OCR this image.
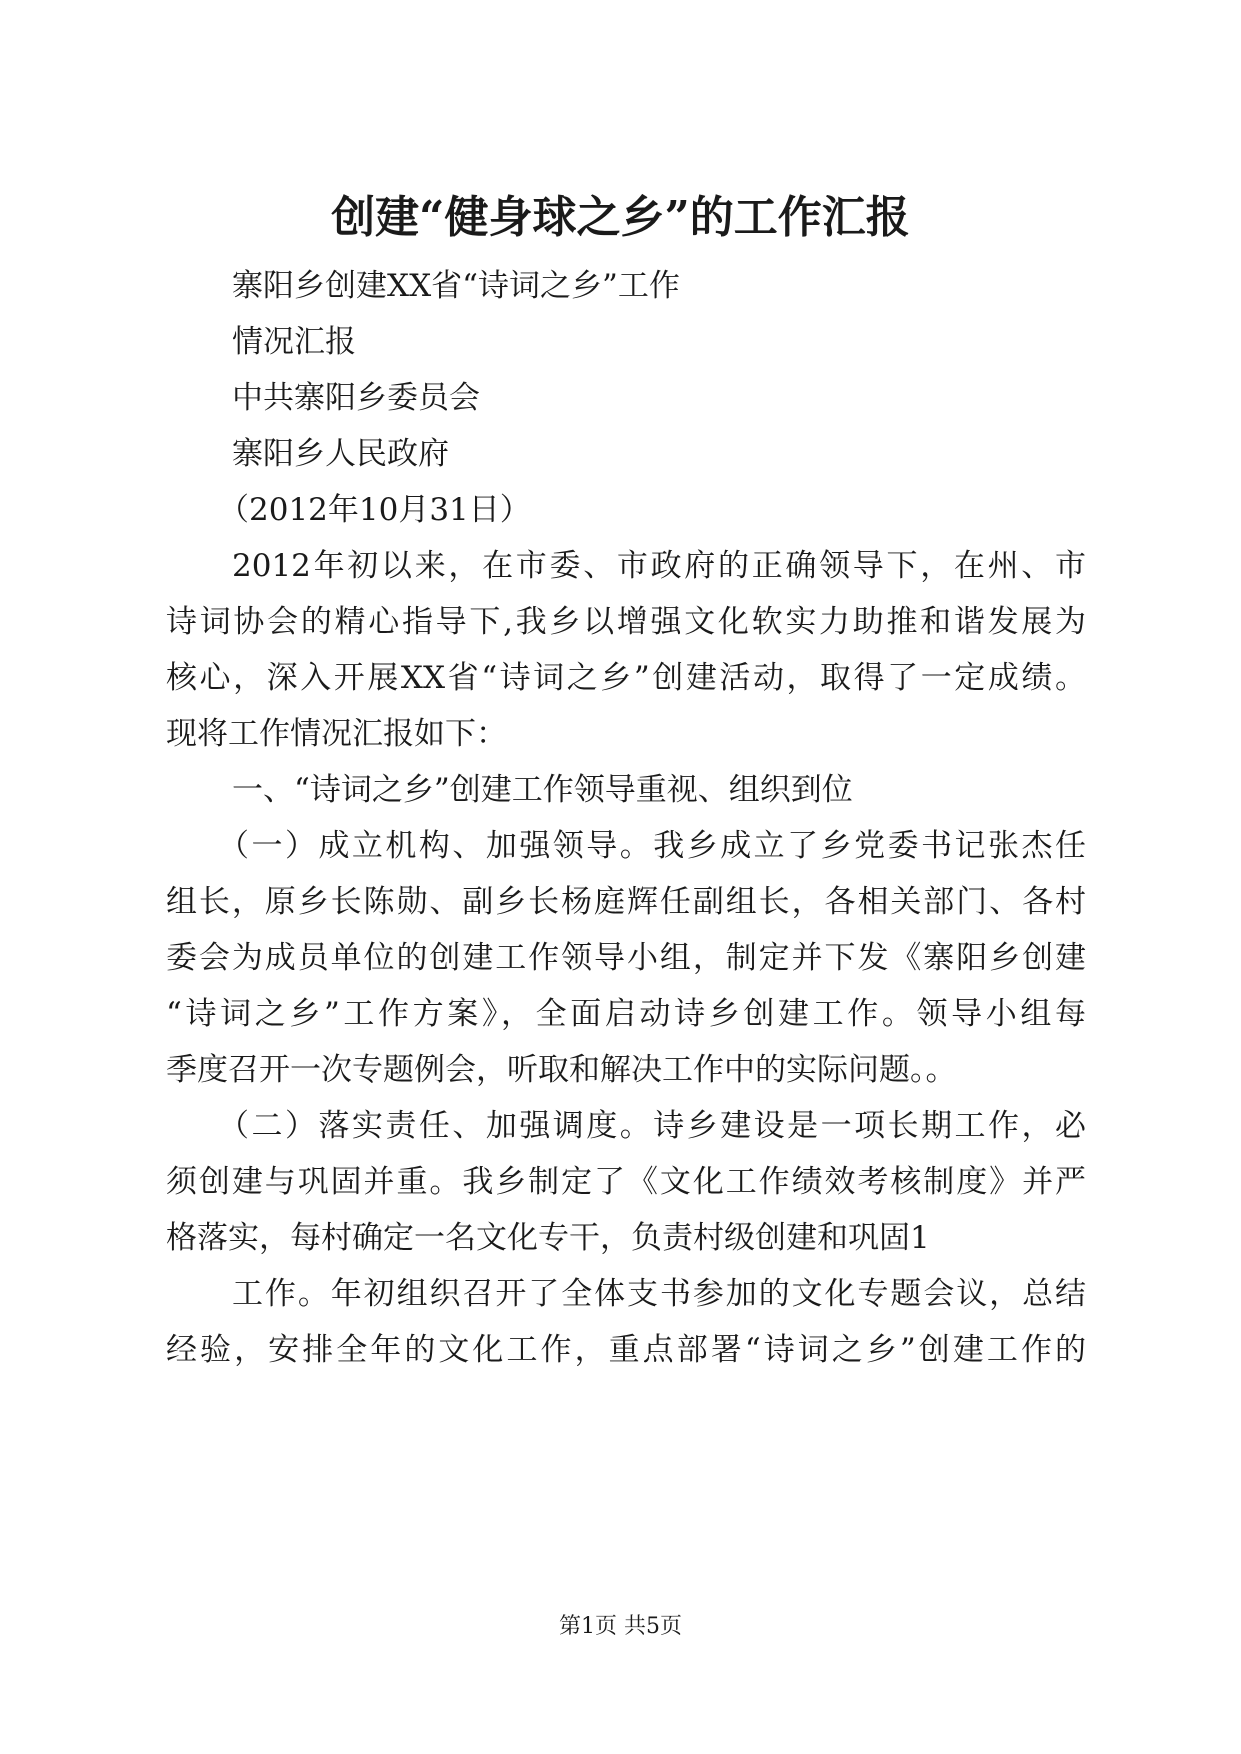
创建“健身球之乡”的工作汇报
寨阳乡创建XX省“诗词之乡”工作
情况汇报
中共寨阳乡委员会
寨阳乡人民政府
（2012年10月31日）
2012年初以来，在市委、市政府的正确领导下，在州、市
诗词协会的精心指导下,我乡以增强文化软实力助推和谐发展为
核心，深入开展XX省“诗词之乡”创建活动，取得了一定成绩。
现将工作情况汇报如下：
一、“诗词之乡”创建工作领导重视、组织到位
（一）成立机构、加强领导。我乡成立了乡党委书记张杰任
组长，原乡长陈勋、副乡长杨庭辉任副组长，各相关部门、各村
委会为成员单位的创建工作领导小组，制定并下发《寨阳乡创建
“诗词之乡”工作方案》，全面启动诗乡创建工作。领导小组每
季度召开一次专题例会，听取和解决工作中的实际问题。。
（二）落实责任、加强调度。诗乡建设是一项长期工作，必
须创建与巩固并重。我乡制定了《文化工作绩效考核制度》并严
格落实，每村确定一名文化专干，负责村级创建和巩固1
工作。年初组织召开了全体支书参加的文化专题会议，总结
经验，安排全年的文化工作，重点部署“诗词之乡”创建工作的
第1页 共5页
